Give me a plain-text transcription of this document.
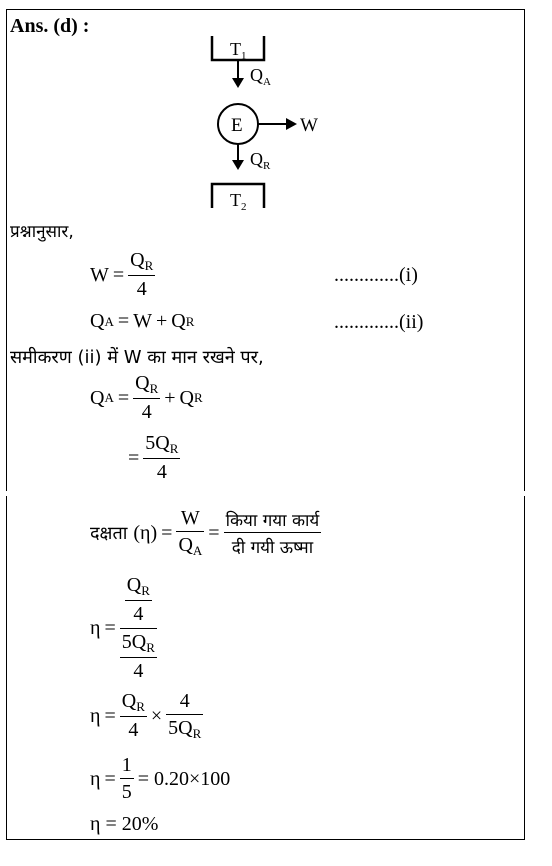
Ans. (d) :
$T_1$
$Q_A$
E	W
$Q_R$
$T_2$
प्रश्नानुसार,
$W = \frac{Q_R}{4}$	.............(i)
Q A = W + Q R	.............(ii)
समीकरण (ii) में W का मान रखने पर,
Q $A = \frac{Q_R}{4} + Q$ R
= $\frac{5Q_R}{4}$
दक्षता $(\eta) = \frac{W}{Q_A} = \frac{\text{किया गया कार्य}}{\text{दी गयी ऊष्मा}}$
$\eta = \frac{\frac{Q_R}{4}}{\frac{5Q_R}{4}}$
$\eta = \frac{Q_R}{4} \times \frac{4}{5Q_R}$
$\eta = \frac{1}{5} = 0.20\times 100$
η = 20%
